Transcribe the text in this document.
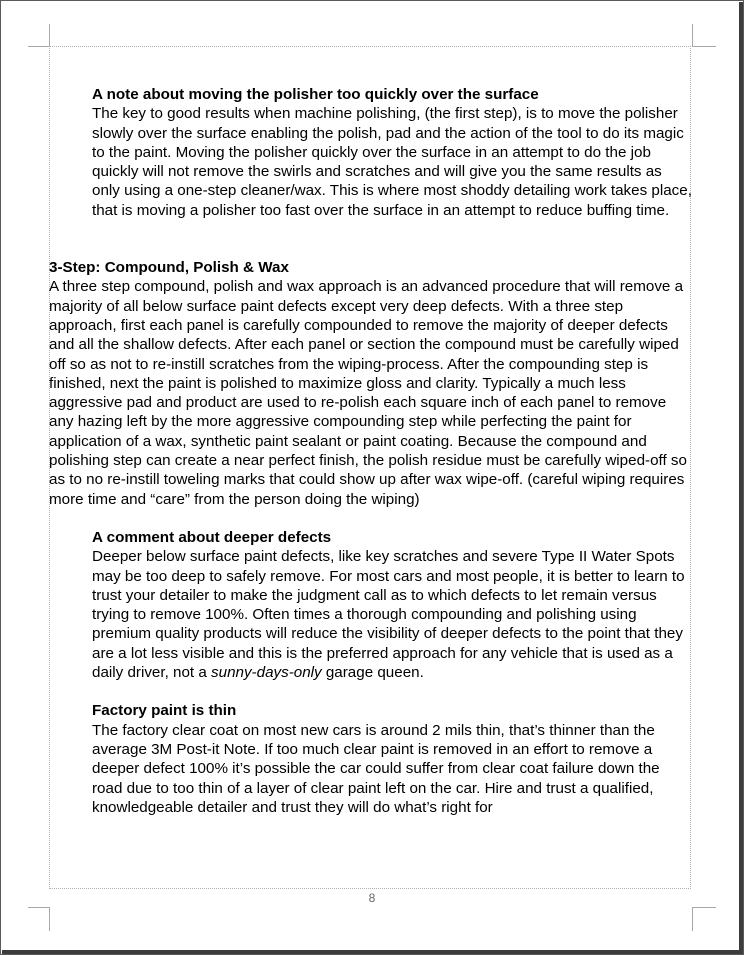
A note about moving the polisher too quickly over the surface

The key to good results when machine polishing, (the first step), is to move the polisher slowly over the surface enabling the polish, pad and the action of the tool to do its magic to the paint. Moving the polisher quickly over the surface in an attempt to do the job quickly will not remove the swirls and scratches and will give you the same results as only using a one-step cleaner/wax. This is where most shoddy detailing work takes place, that is moving a polisher too fast over the surface in an attempt to reduce buffing time.

3-Step: Compound, Polish & Wax

A three step compound, polish and wax approach is an advanced procedure that will remove a majority of all below surface paint defects except very deep defects. With a three step approach, first each panel is carefully compounded to remove the majority of deeper defects and all the shallow defects. After each panel or section the compound must be carefully wiped off so as not to re-instill scratches from the wiping-process. After the compounding step is finished, next the paint is polished to maximize gloss and clarity. Typically a much less aggressive pad and product are used to re-polish each square inch of each panel to remove any hazing left by the more aggressive compounding step while perfecting the paint for application of a wax, synthetic paint sealant or paint coating. Because the compound and polishing step can create a near perfect finish, the polish residue must be carefully wiped-off so as to no re-instill toweling marks that could show up after wax wipe-off. (careful wiping requires more time and “care” from the person doing the wiping)

A comment about deeper defects

Deeper below surface paint defects, like key scratches and severe Type II Water Spots may be too deep to safely remove. For most cars and most people, it is better to learn to trust your detailer to make the judgment call as to which defects to let remain versus trying to remove 100%. Often times a thorough compounding and polishing using premium quality products will reduce the visibility of deeper defects to the point that they are a lot less visible and this is the preferred approach for any vehicle that is used as a daily driver, not a sunny-days-only garage queen.

Factory paint is thin

The factory clear coat on most new cars is around 2 mils thin, that’s thinner than the average 3M Post-it Note. If too much clear paint is removed in an effort to remove a deeper defect 100% it’s possible the car could suffer from clear coat failure down the road due to too thin of a layer of clear paint left on the car. Hire and trust a qualified, knowledgeable detailer and trust they will do what’s right for

8
